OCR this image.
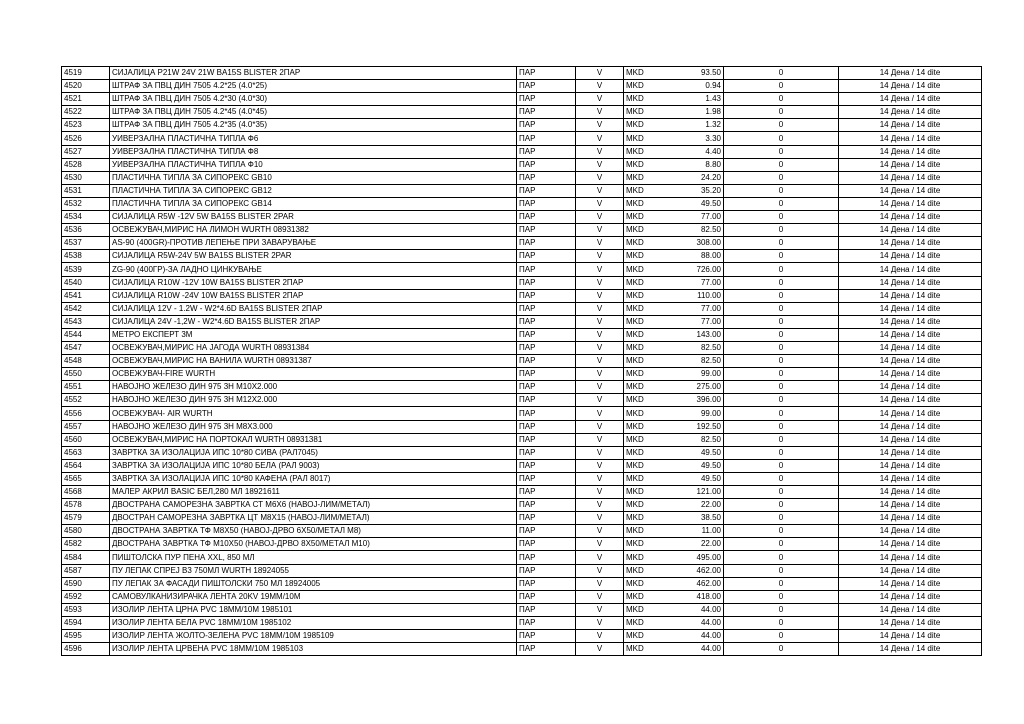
4519	СИЈАЛИЦА P21W 24V 21W BA15S BLISTER 2ПАР	ПАР	V	MKD	93.50	0	14 Дена / 14 dite
4520	ШТРАФ ЗА ПВЦ ДИН 7505 4.2*25 (4.0*25)	ПАР	V	MKD	0.94	0	14 Дена / 14 dite
4521	ШТРАФ ЗА ПВЦ ДИН 7505 4.2*30 (4.0*30)	ПАР	V	MKD	1.43	0	14 Дена / 14 dite
4522	ШТРАФ ЗА ПВЦ ДИН 7505 4.2*45 (4.0*45)	ПАР	V	MKD	1.98	0	14 Дена / 14 dite
4523	ШТРАФ ЗА ПВЦ ДИН 7505 4.2*35 (4.0*35)	ПАР	V	MKD	1.32	0	14 Дена / 14 dite
4526	УИВЕРЗАЛНА ПЛАСТИЧНА ТИПЛА Ф6	ПАР	V	MKD	3.30	0	14 Дена / 14 dite
4527	УИВЕРЗАЛНА ПЛАСТИЧНА ТИПЛА Ф8	ПАР	V	MKD	4.40	0	14 Дена / 14 dite
4528	УИВЕРЗАЛНА ПЛАСТИЧНА ТИПЛА Ф10	ПАР	V	MKD	8.80	0	14 Дена / 14 dite
4530	ПЛАСТИЧНА ТИПЛА ЗА СИПОРЕКС GB10	ПАР	V	MKD	24.20	0	14 Дена / 14 dite
4531	ПЛАСТИЧНА ТИПЛА ЗА СИПОРЕКС GB12	ПАР	V	MKD	35.20	0	14 Дена / 14 dite
4532	ПЛАСТИЧНА ТИПЛА ЗА СИПОРЕКС GB14	ПАР	V	MKD	49.50	0	14 Дена / 14 dite
4534	СИЈАЛИЦА R5W -12V 5W BA15S BLISTER 2PAR	ПАР	V	MKD	77.00	0	14 Дена / 14 dite
4536	ОСВЕЖУВАЧ,МИРИС НА ЛИМОН WURTH 08931382	ПАР	V	MKD	82.50	0	14 Дена / 14 dite
4537	AS-90 (400GR)-ПРОТИВ ЛЕПЕЊЕ ПРИ ЗАВАРУВАЊЕ	ПАР	V	MKD	308.00	0	14 Дена / 14 dite
4538	СИЈАЛИЦА R5W-24V 5W BA15S BLISTER 2PAR	ПАР	V	MKD	88.00	0	14 Дена / 14 dite
4539	ZG-90 (400ГР)-ЗА ЛАДНО ЦИНКУВАЊЕ	ПАР	V	MKD	726.00	0	14 Дена / 14 dite
4540	СИЈАЛИЦА R10W -12V 10W BA15S BLISTER 2ПАР	ПАР	V	MKD	77.00	0	14 Дена / 14 dite
4541	СИЈАЛИЦА R10W -24V 10W BA15S BLISTER 2ПАР	ПАР	V	MKD	110.00	0	14 Дена / 14 dite
4542	СИЈАЛИЦА 12V - 1.2W - W2*4.6D BA15S BLISTER 2ПАР	ПАР	V	MKD	77.00	0	14 Дена / 14 dite
4543	СИЈАЛИЦА 24V -1,2W - W2*4.6D BA15S BLISTER 2ПАР	ПАР	V	MKD	77.00	0	14 Дена / 14 dite
4544	МЕТРО ЕКСПЕРТ 3М	ПАР	V	MKD	143.00	0	14 Дена / 14 dite
4547	ОСВЕЖУВАЧ,МИРИС НА ЈАГОДА WURTH 08931384	ПАР	V	MKD	82.50	0	14 Дена / 14 dite
4548	ОСВЕЖУВАЧ,МИРИС НА ВАНИЛА WURTH 08931387	ПАР	V	MKD	82.50	0	14 Дена / 14 dite
4550	ОСВЕЖУВАЧ-FIRE WURTH	ПАР	V	MKD	99.00	0	14 Дена / 14 dite
4551	НАВОЈНО ЖЕЛЕЗО ДИН 975 3Н М10Х2.000	ПАР	V	MKD	275.00	0	14 Дена / 14 dite
4552	НАВОЈНО ЖЕЛЕЗО ДИН 975 3Н М12Х2.000	ПАР	V	MKD	396.00	0	14 Дена / 14 dite
4556	ОСВЕЖУВАЧ- AIR WURTH	ПАР	V	MKD	99.00	0	14 Дена / 14 dite
4557	НАВОЈНО ЖЕЛЕЗО ДИН 975 3Н М8Х3.000	ПАР	V	MKD	192.50	0	14 Дена / 14 dite
4560	ОСВЕЖУВАЧ,МИРИС НА ПОРТОКАЛ WURTH 08931381	ПАР	V	MKD	82.50	0	14 Дена / 14 dite
4563	ЗАВРТКА ЗА ИЗОЛАЦИЈА ИПС 10*80 СИВА (РАЛ7045)	ПАР	V	MKD	49.50	0	14 Дена / 14 dite
4564	ЗАВРТКА ЗА ИЗОЛАЦИЈА ИПС 10*80 БЕЛА (РАЛ 9003)	ПАР	V	MKD	49.50	0	14 Дена / 14 dite
4565	ЗАВРТКА ЗА ИЗОЛАЦИЈА ИПС 10*80 КАФЕНА (РАЛ 8017)	ПАР	V	MKD	49.50	0	14 Дена / 14 dite
4568	МАЛЕР АКРИЛ BASIC БЕЛ,280 МЛ 18921611	ПАР	V	MKD	121.00	0	14 Дена / 14 dite
4578	ДВОСТРАНА САМОРЕЗНА ЗАВРТКА СТ М6Х6 (НАВОЈ-ЛИМ/МЕТАЛ)	ПАР	V	MKD	22.00	0	14 Дена / 14 dite
4579	ДВОСТРАН САМОРЕЗНА ЗАВРТКА ЦТ М8Х15 (НАВОЈ-ЛИМ/МЕТАЛ)	ПАР	V	MKD	38.50	0	14 Дена / 14 dite
4580	ДВОСТРАНА ЗАВРТКА ТФ М8Х50 (НАВОЈ-ДРВО 6Х50/МЕТАЛ М8)	ПАР	V	MKD	11.00	0	14 Дена / 14 dite
4582	ДВОСТРАНА ЗАВРТКА ТФ М10Х50 (НАВОЈ-ДРВО 8Х50/МЕТАЛ М10)	ПАР	V	MKD	22.00	0	14 Дена / 14 dite
4584	ПИШТОЛСКА ПУР ПЕНА XXL, 850 МЛ	ПАР	V	MKD	495.00	0	14 Дена / 14 dite
4587	ПУ ЛЕПАК СПРЕЈ B3 750МЛ WURTH 18924055	ПАР	V	MKD	462.00	0	14 Дена / 14 dite
4590	ПУ ЛЕПАК ЗА ФАСАДИ ПИШТОЛСКИ 750 МЛ 18924005	ПАР	V	MKD	462.00	0	14 Дена / 14 dite
4592	САМОВУЛКАНИЗИРАЧКА ЛЕНТА 20KV 19MM/10M	ПАР	V	MKD	418.00	0	14 Дена / 14 dite
4593	ИЗОЛИР ЛЕНТА ЦРНА PVC 18MM/10M 1985101	ПАР	V	MKD	44.00	0	14 Дена / 14 dite
4594	ИЗОЛИР ЛЕНТА БЕЛА PVC 18MM/10M 1985102	ПАР	V	MKD	44.00	0	14 Дена / 14 dite
4595	ИЗОЛИР ЛЕНТА ЖОЛТО-ЗЕЛЕНА PVC 18MM/10M 1985109	ПАР	V	MKD	44.00	0	14 Дена / 14 dite
4596	ИЗОЛИР ЛЕНТА ЦРВЕНА PVC 18MM/10M 1985103	ПАР	V	MKD	44.00	0	14 Дена / 14 dite
